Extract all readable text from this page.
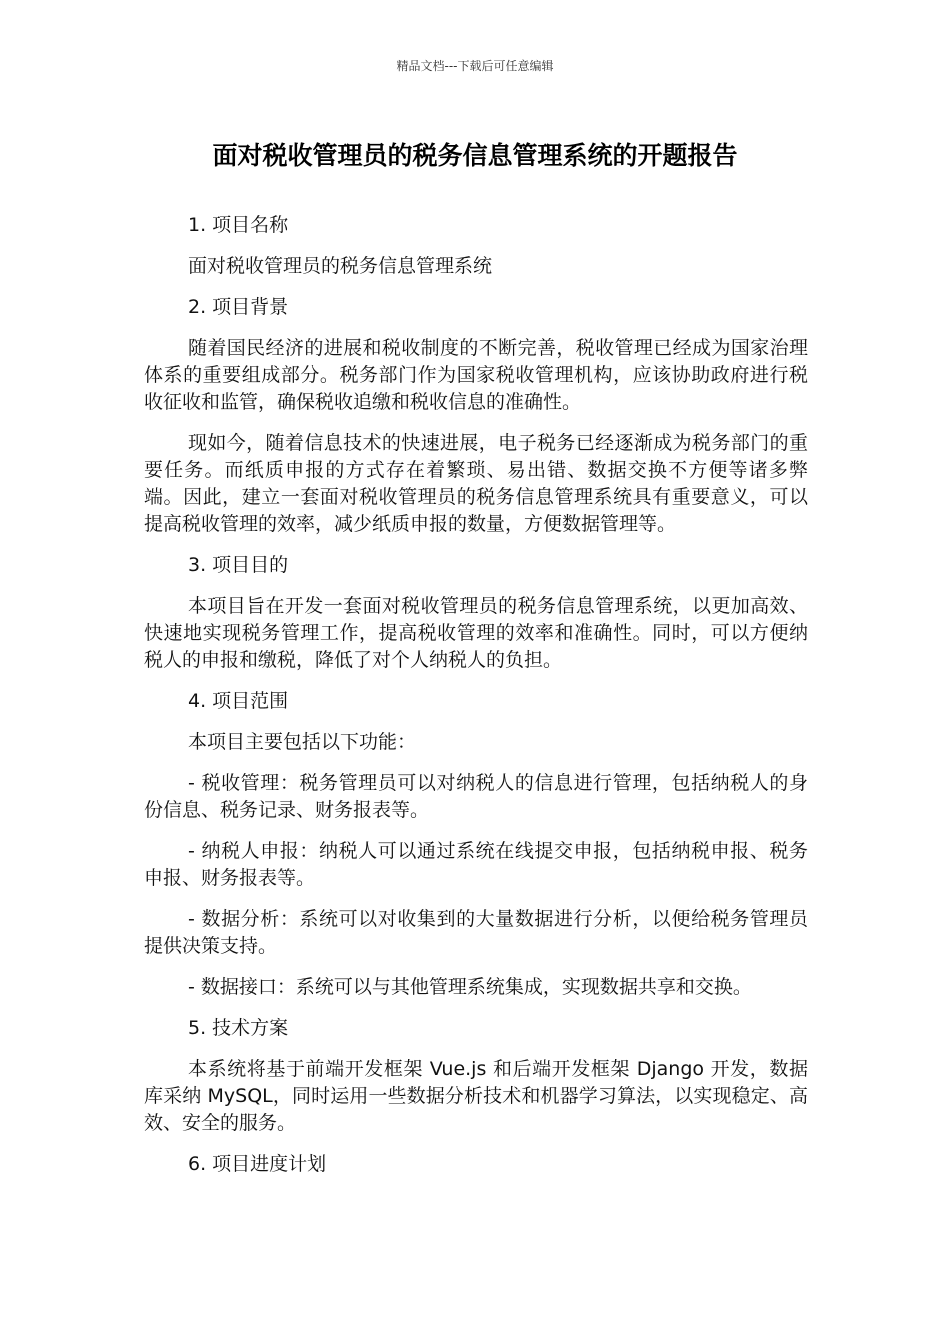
精品文档---下载后可任意编辑
面对税收管理员的税务信息管理系统的开题报告
1. 项目名称

面对税收管理员的税务信息管理系统

2. 项目背景

随着国民经济的进展和税收制度的不断完善，税收管理已经成为国家治理体系的重要组成部分。税务部门作为国家税收管理机构，应该协助政府进行税收征收和监管，确保税收追缴和税收信息的准确性。

现如今，随着信息技术的快速进展，电子税务已经逐渐成为税务部门的重要任务。而纸质申报的方式存在着繁琐、易出错、数据交换不方便等诸多弊端。因此，建立一套面对税收管理员的税务信息管理系统具有重要意义，可以提高税收管理的效率，减少纸质申报的数量，方便数据管理等。

3. 项目目的

本项目旨在开发一套面对税收管理员的税务信息管理系统，以更加高效、快速地实现税务管理工作，提高税收管理的效率和准确性。同时，可以方便纳税人的申报和缴税，降低了对个人纳税人的负担。

4. 项目范围

本项目主要包括以下功能：

- 税收管理：税务管理员可以对纳税人的信息进行管理，包括纳税人的身份信息、税务记录、财务报表等。

- 纳税人申报：纳税人可以通过系统在线提交申报，包括纳税申报、税务申报、财务报表等。

- 数据分析：系统可以对收集到的大量数据进行分析，以便给税务管理员提供决策支持。

- 数据接口：系统可以与其他管理系统集成，实现数据共享和交换。

5. 技术方案

本系统将基于前端开发框架 Vue.js 和后端开发框架 Django 开发，数据库采纳 MySQL，同时运用一些数据分析技术和机器学习算法，以实现稳定、高效、安全的服务。

6. 项目进度计划
